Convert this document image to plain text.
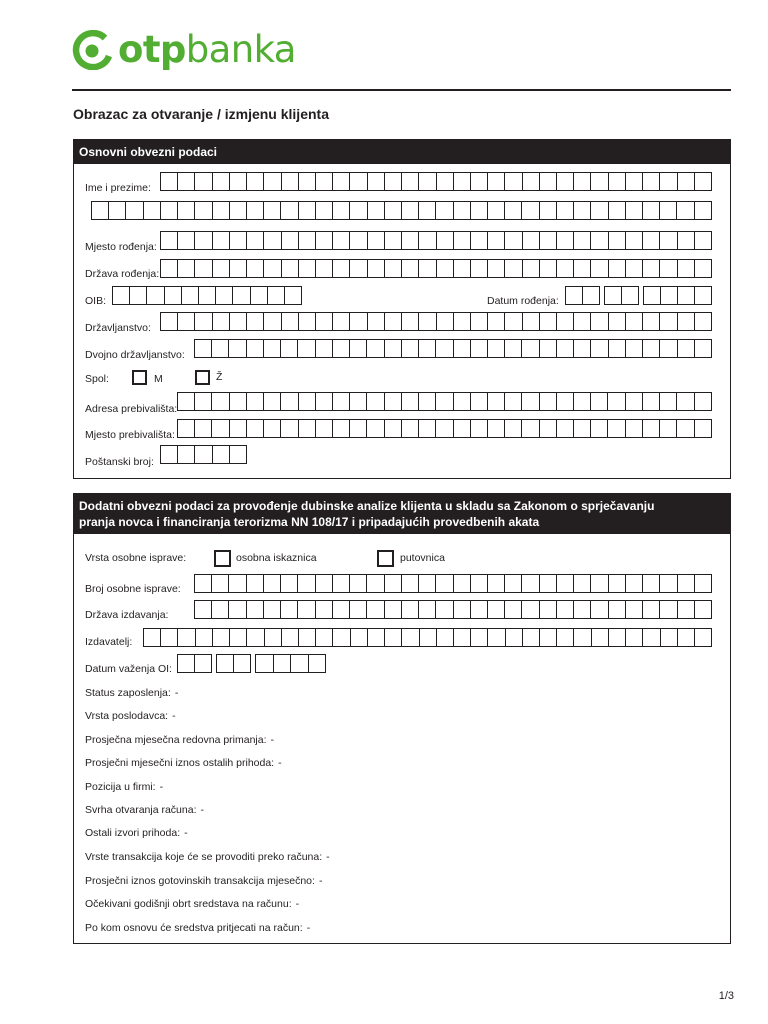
otpbanka
Obrazac za otvaranje / izmjenu klijenta
Osnovni obvezni podaci
Ime i prezime:
Mjesto rođenja:
Država rođenja:
OIB:	Datum rođenja:
Državljanstvo:
Dvojno državljanstvo:
Spol:	M	Ž
Adresa prebivališta:
Mjesto prebivališta:
Poštanski broj:
Dodatni obvezni podaci za provođenje dubinske analize klijenta u skladu sa Zakonom o sprječavanju
pranja novca i financiranja terorizma NN 108/17 i pripadajućih provedbenih akata
Vrsta osobne isprave:	osobna iskaznica	putovnica
Broj osobne isprave:
Država izdavanja:
Izdavatelj:
Datum važenja OI:
Status zaposlenja: -
Vrsta poslodavca: -
Prosječna mjesečna redovna primanja: -
Prosječni mjesečni iznos ostalih prihoda: -
Pozicija u firmi: -
Svrha otvaranja računa: -
Ostali izvori prihoda: -
Vrste transakcija koje će se provoditi preko računa: -
Prosječni iznos gotovinskih transakcija mjesečno: -
Očekivani godišnji obrt sredstava na računu: -
Po kom osnovu će sredstva pritjecati na račun: -
1/3
